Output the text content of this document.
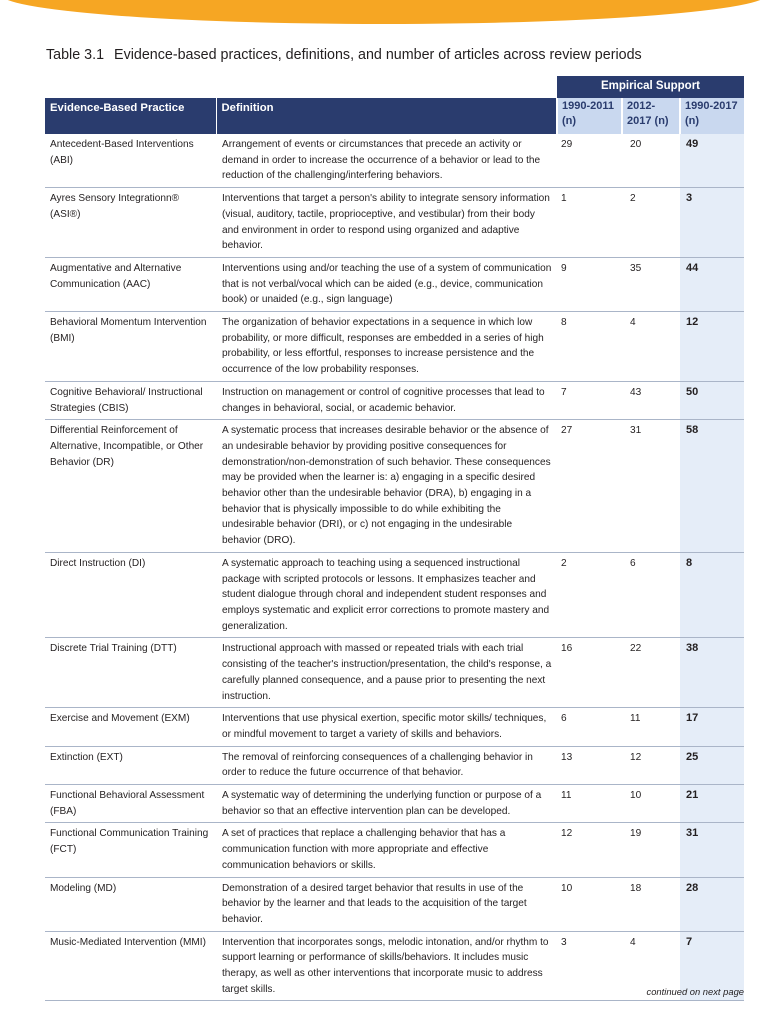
Table 3.1 Evidence-based practices, definitions, and number of articles across review periods
		Empirical Support		
Evidence-Based Practice	Definition	1990-2011 (n)	2012-2017 (n)	1990-2017 (n)
Antecedent-Based Interventions (ABI)	Arrangement of events or circumstances that precede an activity or demand in order to increase the occurrence of a behavior or lead to the reduction of the challenging/interfering behaviors.	29	20	49
Ayres Sensory Integrationn® (ASI®)	Interventions that target a person's ability to integrate sensory information (visual, auditory, tactile, proprioceptive, and vestibular) from their body and environment in order to respond using organized and adaptive behavior.	1	2	3
Augmentative and Alternative Communication (AAC)	Interventions using and/or teaching the use of a system of communication that is not verbal/vocal which can be aided (e.g., device, communication book) or unaided (e.g., sign language)	9	35	44
Behavioral Momentum Intervention (BMI)	The organization of behavior expectations in a sequence in which low probability, or more difficult, responses are embedded in a series of high probability, or less effortful, responses to increase persistence and the occurrence of the low probability responses.	8	4	12
Cognitive Behavioral/ Instructional Strategies (CBIS)	Instruction on management or control of cognitive processes that lead to changes in behavioral, social, or academic behavior.	7	43	50
Differential Reinforcement of Alternative, Incompatible, or Other Behavior (DR)	A systematic process that increases desirable behavior or the absence of an undesirable behavior by providing positive consequences for demonstration/non-demonstration of such behavior. These consequences may be provided when the learner is: a) engaging in a specific desired behavior other than the undesirable behavior (DRA), b) engaging in a behavior that is physically impossible to do while exhibiting the undesirable behavior (DRI), or c) not engaging in the undesirable behavior (DRO).	27	31	58
Direct Instruction (DI)	A systematic approach to teaching using a sequenced instructional package with scripted protocols or lessons. It emphasizes teacher and student dialogue through choral and independent student responses and employs systematic and explicit error corrections to promote mastery and generalization.	2	6	8
Discrete Trial Training (DTT)	Instructional approach with massed or repeated trials with each trial consisting of the teacher's instruction/presentation, the child's response, a carefully planned consequence, and a pause prior to presenting the next instruction.	16	22	38
Exercise and Movement (EXM)	Interventions that use physical exertion, specific motor skills/ techniques, or mindful movement to target a variety of skills and behaviors.	6	11	17
Extinction (EXT)	The removal of reinforcing consequences of a challenging behavior in order to reduce the future occurrence of that behavior.	13	12	25
Functional Behavioral Assessment (FBA)	A systematic way of determining the underlying function or purpose of a behavior so that an effective intervention plan can be developed.	11	10	21
Functional Communication Training (FCT)	A set of practices that replace a challenging behavior that has a communication function with more appropriate and effective communication behaviors or skills.	12	19	31
Modeling (MD)	Demonstration of a desired target behavior that results in use of the behavior by the learner and that leads to the acquisition of the target behavior.	10	18	28
Music-Mediated Intervention (MMI)	Intervention that incorporates songs, melodic intonation, and/or rhythm to support learning or performance of skills/behaviors. It includes music therapy, as well as other interventions that incorporate music to address target skills.	3	4	7
continued on next page
